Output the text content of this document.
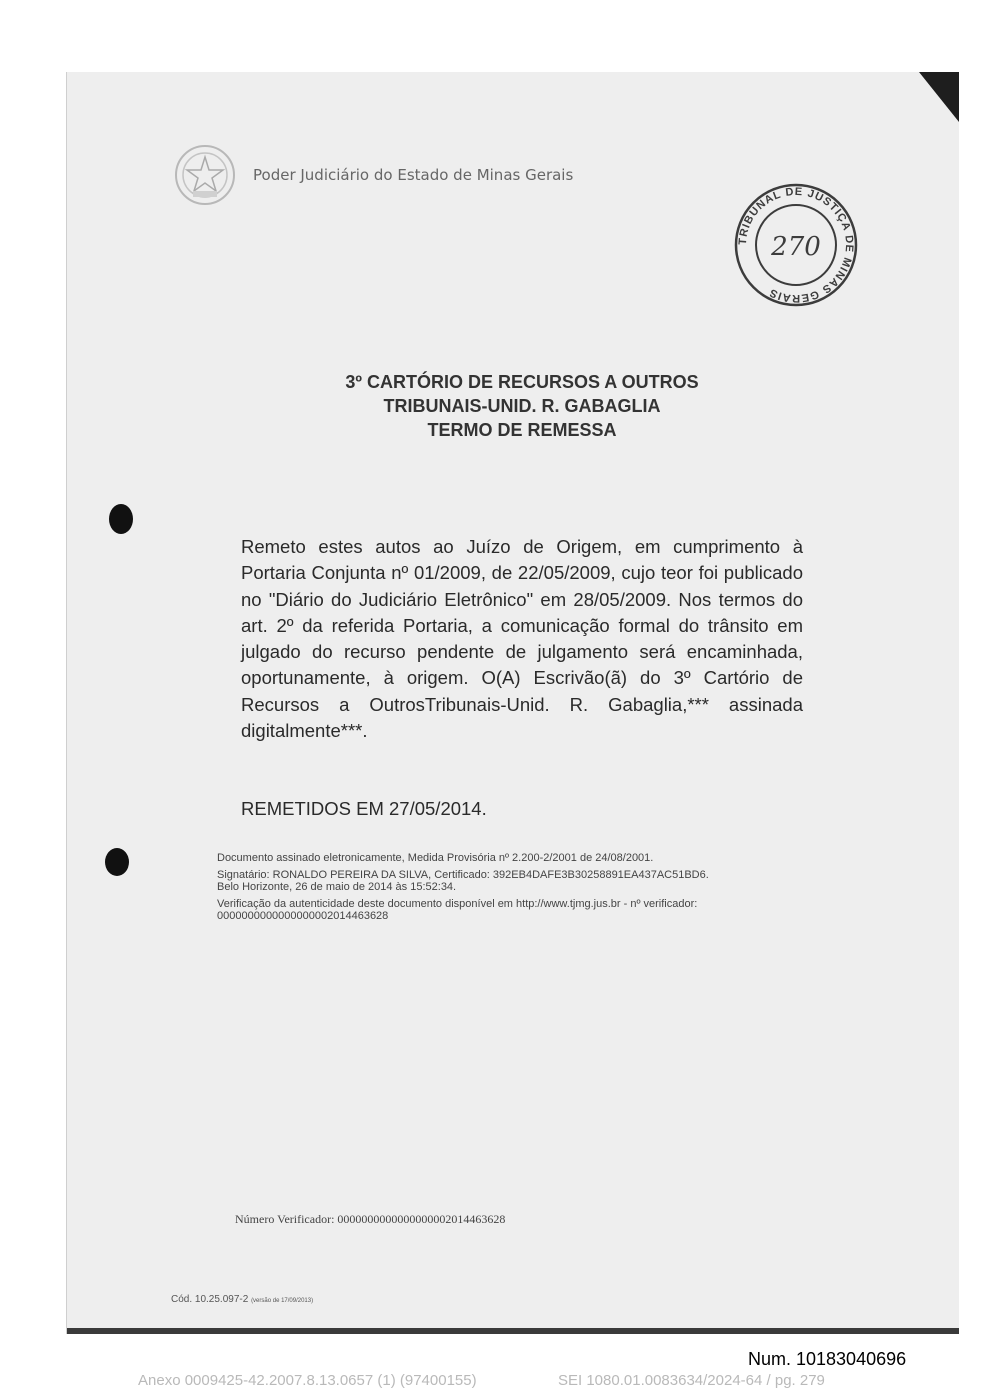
Poder Judiciário do Estado de Minas Gerais
TRIBUNAL DE JUSTIÇA DE MINAS GERAIS
270
3º CARTÓRIO DE RECURSOS A OUTROS
TRIBUNAIS-UNID. R. GABAGLIA
TERMO DE REMESSA
Remeto estes autos ao Juízo de Origem, em cumprimento à Portaria Conjunta nº 01/2009, de 22/05/2009, cujo teor foi publicado no "Diário do Judiciário Eletrônico" em 28/05/2009. Nos termos do art. 2º da referida Portaria, a comunicação formal do trânsito em julgado do recurso pendente de julgamento será encaminhada, oportunamente, à origem. O(A) Escrivão(ã) do 3º Cartório de Recursos a OutrosTribunais-Unid. R. Gabaglia,*** assinada digitalmente***.
REMETIDOS EM 27/05/2014.

Documento assinado eletronicamente, Medida Provisória nº 2.200-2/2001 de 24/08/2001.

Signatário: RONALDO PEREIRA DA SILVA, Certificado: 392EB4DAFE3B30258891EA437AC51BD6.

Belo Horizonte, 26 de maio de 2014 às 15:52:34.

Verificação da autenticidade deste documento disponível em http://www.tjmg.jus.br - nº verificador:

0000000000000000002014463628

Número Verificador: 0000000000000000002014463628
Cód. 10.25.097-2 (versão de 17/09/2013)
Num. 10183040696
Anexo 0009425-42.2007.8.13.0657 (1) (97400155)	SEI 1080.01.0083634/2024-64 / pg. 279
